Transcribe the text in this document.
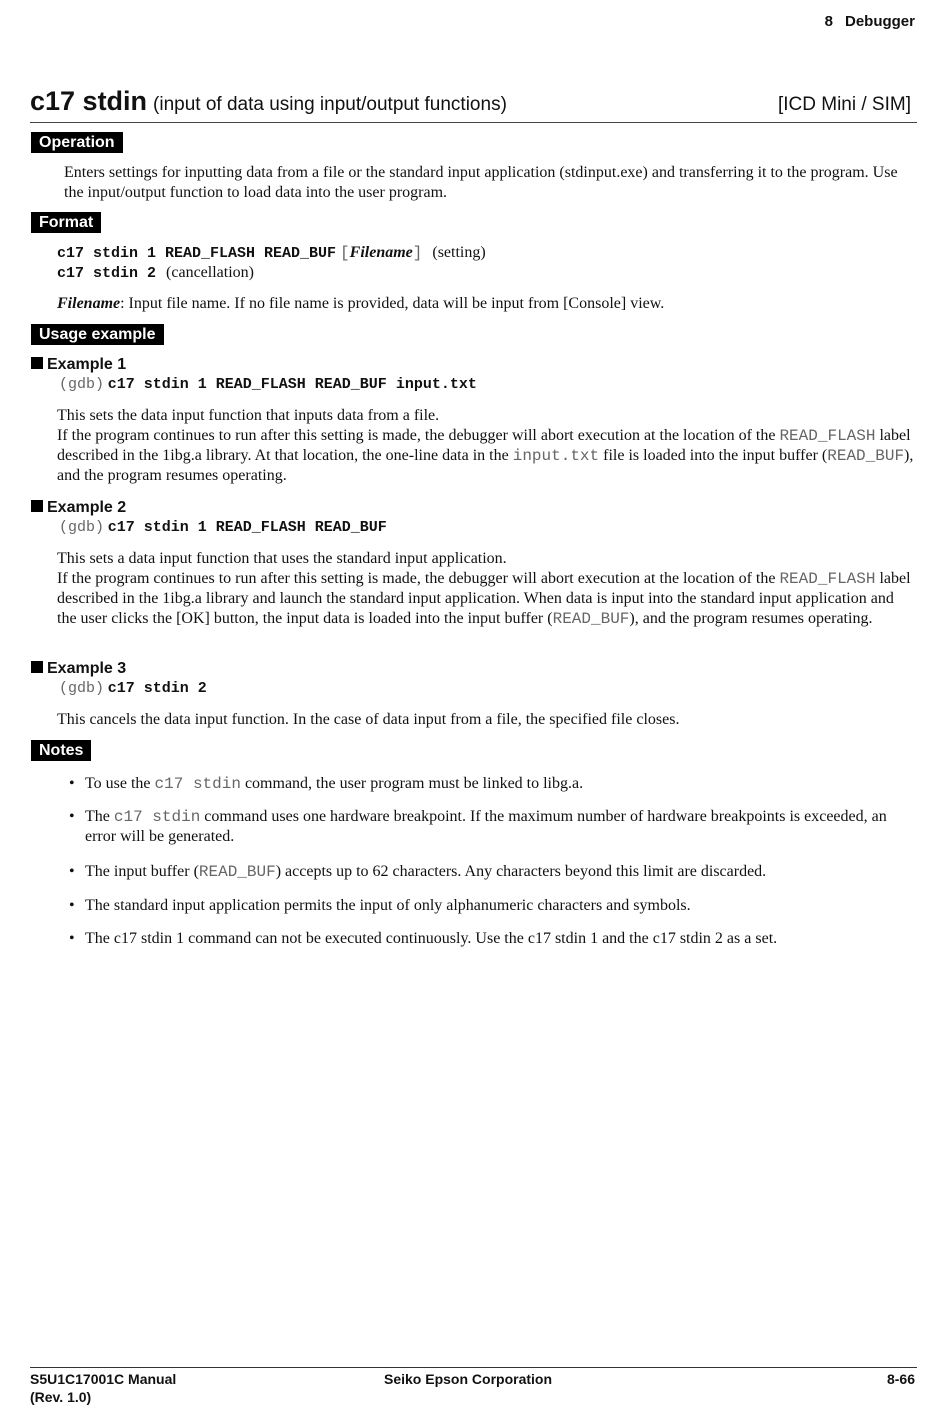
8 Debugger
c17 stdin (input of data using input/output functions)	[ICD Mini / SIM]
Operation
Enters settings for inputting data from a file or the standard input application (stdinput.exe) and transferring it to the program. Use the input/output function to load data into the user program.
Format
c17 stdin 1 READ_FLASH READ_BUF [Filename] (setting)
c17 stdin 2 (cancellation)
Filename: Input file name. If no file name is provided, data will be input from [Console] view.
Usage example
Example 1
(gdb) c17 stdin 1 READ_FLASH READ_BUF input.txt
This sets the data input function that inputs data from a file.
If the program continues to run after this setting is made, the debugger will abort execution at the location of the READ_FLASH label described in the 1ibg.a library. At that location, the one-line data in the input.txt file is loaded into the input buffer (READ_BUF), and the program resumes operating.
Example 2
(gdb) c17 stdin 1 READ_FLASH READ_BUF
This sets a data input function that uses the standard input application.
If the program continues to run after this setting is made, the debugger will abort execution at the location of the READ_FLASH label described in the 1ibg.a library and launch the standard input application. When data is input into the standard input application and the user clicks the [OK] button, the input data is loaded into the input buffer (READ_BUF), and the program resumes operating.
Example 3
(gdb) c17 stdin 2
This cancels the data input function. In the case of data input from a file, the specified file closes.
Notes
• To use the c17 stdin command, the user program must be linked to libg.a.
• The c17 stdin command uses one hardware breakpoint. If the maximum number of hardware breakpoints is exceeded, an error will be generated.
• The input buffer (READ_BUF) accepts up to 62 characters. Any characters beyond this limit are discarded.
• The standard input application permits the input of only alphanumeric characters and symbols.
• The c17 stdin 1 command can not be executed continuously. Use the c17 stdin 1 and the c17 stdin 2 as a set.
S5U1C17001C Manual
(Rev. 1.0)
Seiko Epson Corporation	8-66
